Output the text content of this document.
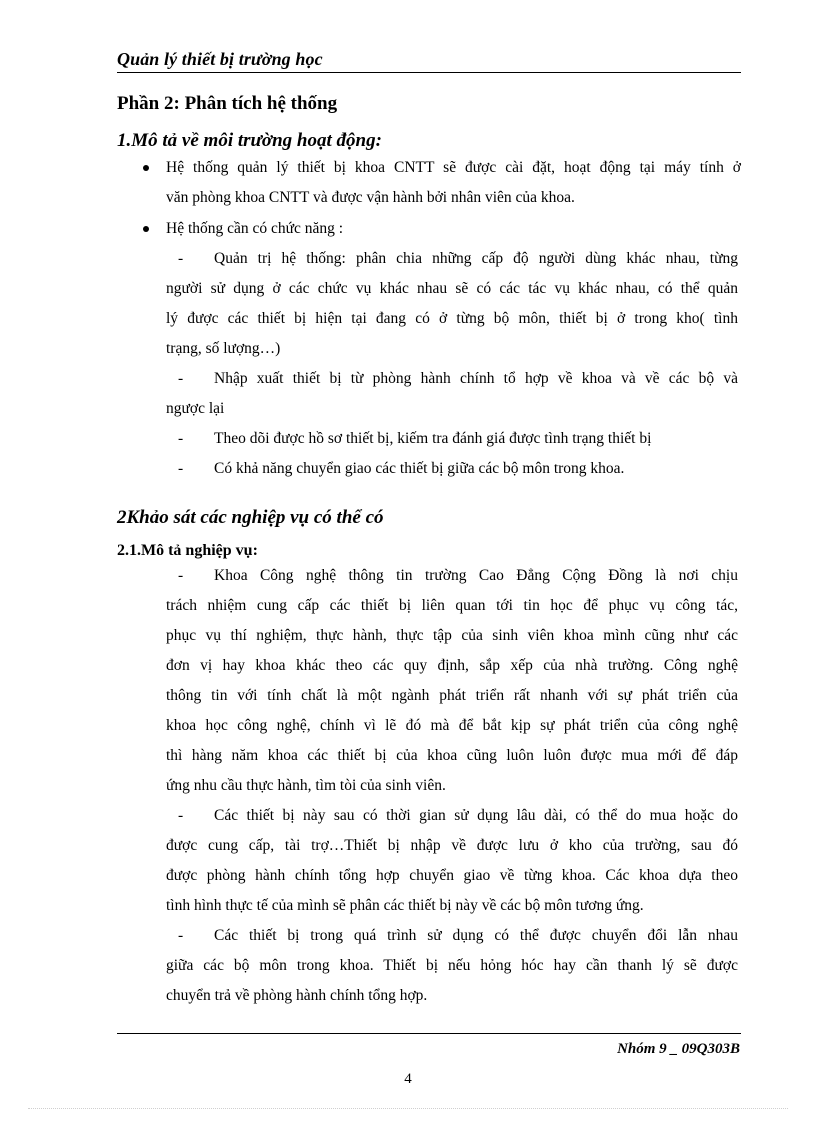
Quản lý thiết bị trường học
Phần 2: Phân tích hệ thống
1.Mô tả về môi trường hoạt động:
Hệ thống quản lý thiết bị khoa CNTT sẽ được cài đặt, hoạt động tại máy tính ở
văn phòng khoa CNTT và được vận hành bởi nhân viên của khoa.
Hệ thống cần có chức năng :
- Quản trị hệ thống: phân chia những cấp độ người dùng khác nhau, từng
người sử dụng ở các chức vụ khác nhau sẽ có các tác vụ khác nhau, có thể quản
lý được các thiết bị hiện tại đang có ở từng bộ môn, thiết bị ở trong kho( tình
trạng, số lượng…)
- Nhập xuất thiết bị từ phòng hành chính tổ hợp về khoa và về các bộ và
ngược lại
- Theo dõi được hồ sơ thiết bị, kiếm tra đánh giá được tình trạng thiết bị
- Có khả năng chuyển giao các thiết bị giữa các bộ môn trong khoa.
2Khảo sát các nghiệp vụ có thể có
2.1.Mô tả nghiệp vụ:
- Khoa Công nghệ thông tin trường Cao Đẳng Cộng Đồng là nơi chịu
trách nhiệm cung cấp các thiết bị liên quan tới tin học để phục vụ công tác,
phục vụ thí nghiệm, thực hành, thực tập của sinh viên khoa mình cũng như các
đơn vị hay khoa khác theo các quy định, sắp xếp của nhà trường. Công nghệ
thông tin với tính chất là một ngành phát triển rất nhanh với sự phát triển của
khoa học công nghệ, chính vì lẽ đó mà để bắt kịp sự phát triển của công nghệ
thì hàng năm khoa các thiết bị của khoa cũng luôn luôn được mua mới để đáp
ứng nhu cầu thực hành, tìm tòi của sinh viên.
- Các thiết bị này sau có thời gian sử dụng lâu dài, có thể do mua hoặc do
được cung cấp, tài trợ…Thiết bị nhập về được lưu ở kho của trường, sau đó
được phòng hành chính tổng hợp chuyển giao về từng khoa. Các khoa dựa theo
tình hình thực tế của mình sẽ phân các thiết bị này về các bộ môn tương ứng.
- Các thiết bị trong quá trình sử dụng có thể được chuyển đổi lẫn nhau
giữa các bộ môn trong khoa. Thiết bị nếu hỏng hóc hay cần thanh lý sẽ được
chuyển trả về phòng hành chính tổng hợp.
Nhóm 9 _ 09Q303B
4
